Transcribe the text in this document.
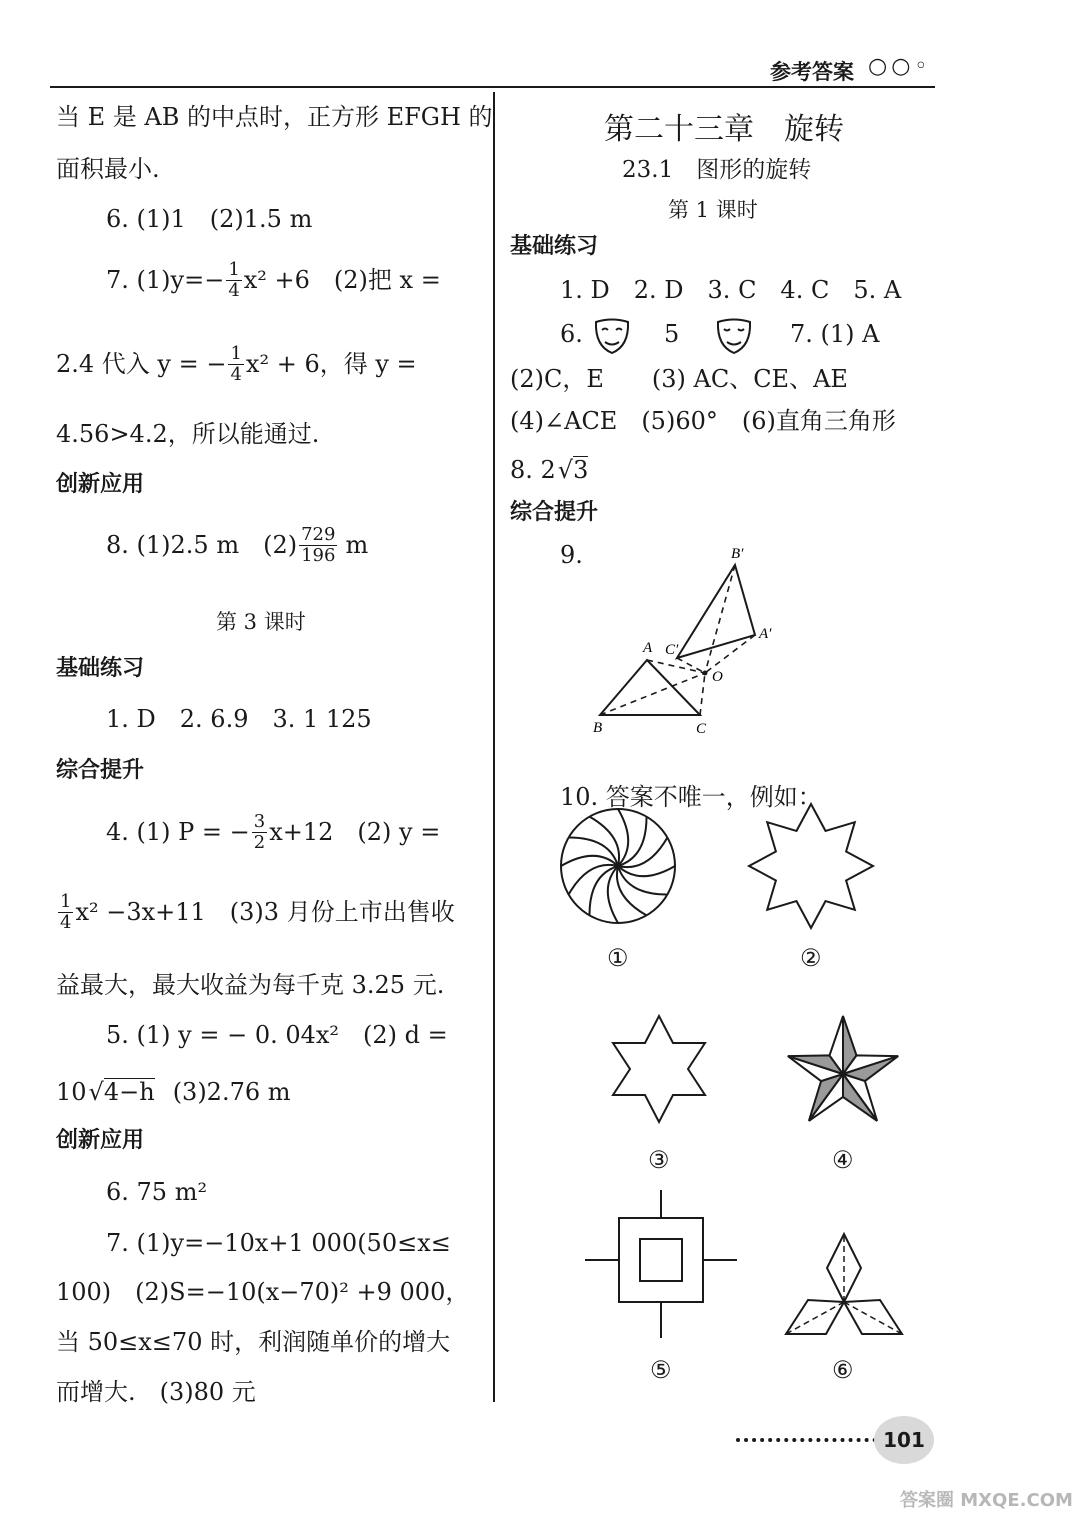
参考答案 ○○◦
当 E 是 AB 的中点时，正方形 EFGH 的
面积最小.
6. (1)1　(2)1.5 m
7. $(1)y=- \frac{1}{4} x^2 +6$　(2)把 x =
2.4 代入 y = − $\frac{1}{4} x^2 + 6$，得 y =
4.56>4.2，所以能通过.
创新应用
8. (1)2.5 m　$(2) \frac{729}{196}$ m
第 3 课时
基础练习
1. D　2. 6.9　3. 1 125
综合提升
4. (1) P = − $\frac{3}{2} x+12$　(2) y =
$\frac{1}{4} x^2 -3x+11$　(3)3 月份上市出售收
益最大，最大收益为每千克 3.25 元.
5. (1) y = − 0. 04x²　(2) d =
10 √ 4−h (3)2.76 m
创新应用
6. 75 m²
7. (1)y=−10x+1 000(50≤x≤
100)　(2)S=−10(x−70)² +9 000，
当 50≤x≤70 时，利润随单价的增大
而增大.　(3)80 元
第二十三章　旋转
23.1　图形的旋转
第 1 课时
基础练习
1. D　2. D　3. C　4. C　5. A
6.	5	7. (1) A
(2)C，E　　(3) AC、CE、AE
(4)∠ACE　(5)60°　(6)直角三角形
8. 2 √ 3
综合提升
9.
A
B	C
O
A′
B′
C′
10. 答案不唯一，例如：
①	②
③	④
⑤	⑥
101
答案圈 MXQE.COM
